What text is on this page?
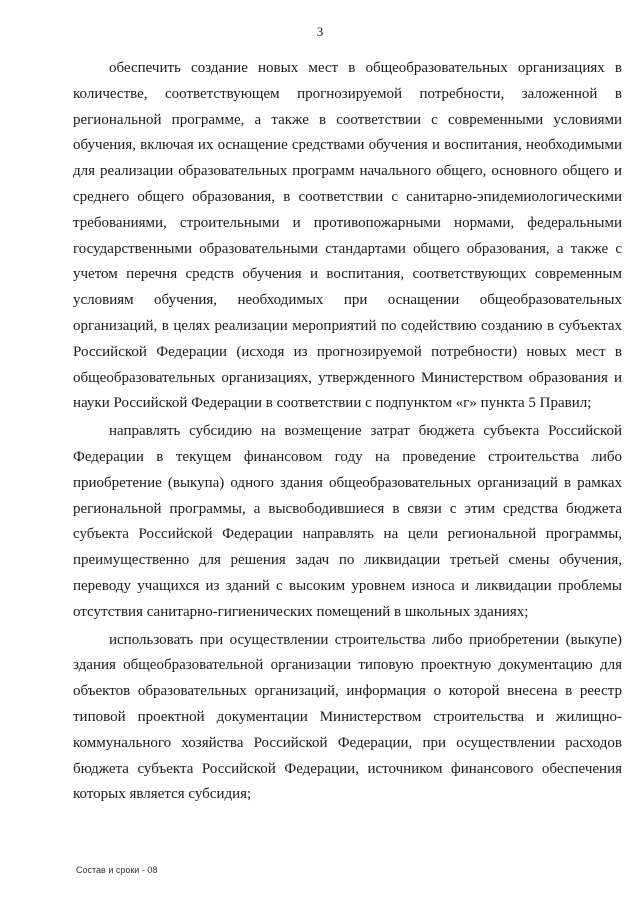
3

обеспечить создание новых мест в общеобразовательных организациях в количестве, соответствующем прогнозируемой потребности, заложенной в региональной программе, а также в соответствии с современными условиями обучения, включая их оснащение средствами обучения и воспитания, необходимыми для реализации образовательных программ начального общего, основного общего и среднего общего образования, в соответствии с санитарно-эпидемиологическими требованиями, строительными и противопожарными нормами, федеральными государственными образовательными стандартами общего образования, а также с учетом перечня средств обучения и воспитания, соответствующих современным условиям обучения, необходимых при оснащении общеобразовательных организаций, в целях реализации мероприятий по содействию созданию в субъектах Российской Федерации (исходя из прогнозируемой потребности) новых мест в общеобразовательных организациях, утвержденного Министерством образования и науки Российской Федерации в соответствии с подпунктом «г» пункта 5 Правил;

направлять субсидию на возмещение затрат бюджета субъекта Российской Федерации в текущем финансовом году на проведение строительства либо приобретение (выкупа) одного здания общеобразовательных организаций в рамках региональной программы, а высвободившиеся в связи с этим средства бюджета субъекта Российской Федерации направлять на цели региональной программы, преимущественно для решения задач по ликвидации третьей смены обучения, переводу учащихся из зданий с высоким уровнем износа и ликвидации проблемы отсутствия санитарно-гигиенических помещений в школьных зданиях;

использовать при осуществлении строительства либо приобретении (выкупе) здания общеобразовательной организации типовую проектную документацию для объектов образовательных организаций, информация о которой внесена в реестр типовой проектной документации Министерством строительства и жилищно-коммунального хозяйства Российской Федерации, при осуществлении расходов бюджета субъекта Российской Федерации, источником финансового обеспечения которых является субсидия;

Состав и сроки - 08
